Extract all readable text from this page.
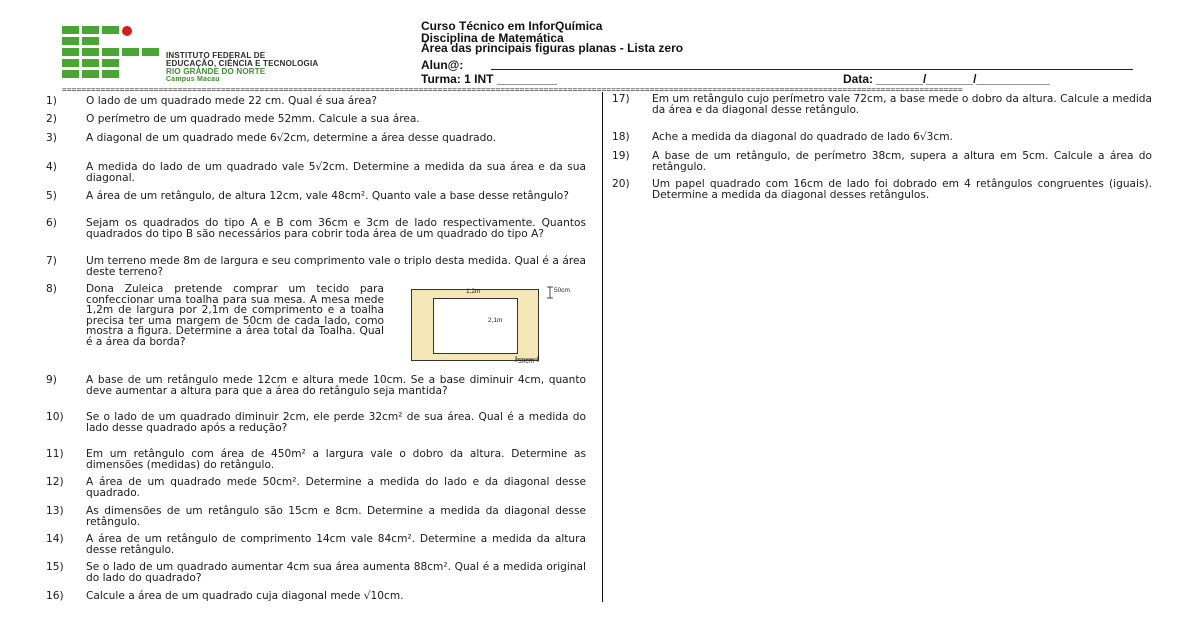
INSTITUTO FEDERAL DE
EDUCAÇÃO, CIÊNCIA E TECNOLOGIA
RIO GRANDE DO NORTE
Campus Macau
Curso Técnico em InforQuímica
Disciplina de Matemática
Área das principais figuras planas - Lista zero
Alun@:
Turma: 1 INT _________	Data: _______/_______/___________
===========================================================================================================================================================================================
1)	O lado de um quadrado mede 22 cm. Qual é sua área?
2)	O perímetro de um quadrado mede 52mm. Calcule a sua área.
3)	A diagonal de um quadrado mede 6√2cm, determine a área desse quadrado.
4)	A medida do lado de um quadrado vale 5√2cm. Determine a medida da sua área e da sua diagonal.
5)	A área de um retângulo, de altura 12cm, vale 48cm². Quanto vale a base desse retângulo?
6)	Sejam os quadrados do tipo A e B com 36cm e 3cm de lado respectivamente. Quantos quadrados do tipo B são necessários para cobrir toda área de um quadrado do tipo A?
7)	Um terreno mede 8m de largura e seu comprimento vale o triplo desta medida. Qual é a área deste terreno?
8)	Dona Zuleica pretende comprar um tecido para confeccionar uma toalha para sua mesa. A mesa mede 1,2m de largura por 2,1m de comprimento e a toalha precisa ter uma margem de 50cm de cada lado, como mostra a figura. Determine a área total da Toalha. Qual é a área da borda?
1,2m
2,1m
50cm
50cm
9)	A base de um retângulo mede 12cm e altura mede 10cm. Se a base diminuir 4cm, quanto deve aumentar a altura para que a área do retângulo seja mantida?
10)	Se o lado de um quadrado diminuir 2cm, ele perde 32cm² de sua área. Qual é a medida do lado desse quadrado após a redução?
11)	Em um retângulo com área de 450m² a largura vale o dobro da altura. Determine as dimensões (medidas) do retângulo.
12)	A área de um quadrado mede 50cm². Determine a medida do lado e da diagonal desse quadrado.
13)	As dimensões de um retângulo são 15cm e 8cm. Determine a medida da diagonal desse retângulo.
14)	A área de um retângulo de comprimento 14cm vale 84cm². Determine a medida da altura desse retângulo.
15)	Se o lado de um quadrado aumentar 4cm sua área aumenta 88cm². Qual é a medida original do lado do quadrado?
16)	Calcule a área de um quadrado cuja diagonal mede √10cm.
17)	Em um retângulo cujo perímetro vale 72cm, a base mede o dobro da altura. Calcule a medida da área e da diagonal desse retângulo.
18)	Ache a medida da diagonal do quadrado de lado 6√3cm.
19)	A base de um retângulo, de perímetro 38cm, supera a altura em 5cm. Calcule a área do retângulo.
20)	Um papel quadrado com 16cm de lado foi dobrado em 4 retângulos congruentes (iguais). Determine a medida da diagonal desses retângulos.
